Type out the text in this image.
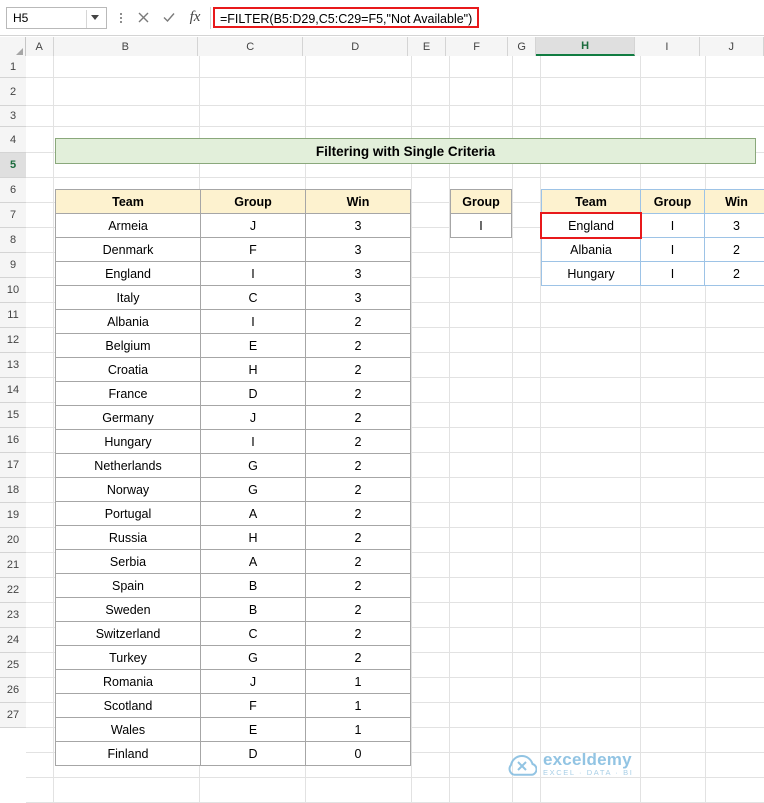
H5	fx	=FILTER(B5:D29,C5:C29=F5,"Not Available")
A	B	C	D	E	F	G	H	I	J
1
2
3
4
5
6
7
8
9
10
11
12
13
14
15
16
17
18
19
20
21
22
23
24
25
26
27
Filtering with Single Criteria
Team	Group	Win
Armeia	J	3
Denmark	F	3
England	I	3
Italy	C	3
Albania	I	2
Belgium	E	2
Croatia	H	2
France	D	2
Germany	J	2
Hungary	I	2
Netherlands	G	2
Norway	G	2
Portugal	A	2
Russia	H	2
Serbia	A	2
Spain	B	2
Sweden	B	2
Switzerland	C	2
Turkey	G	2
Romania	J	1
Scotland	F	1
Wales	E	1
Finland	D	0
Group
I
Team	Group	Win
England	I	3
Albania	I	2
Hungary	I	2
exceldemy
EXCEL · DATA · BI
